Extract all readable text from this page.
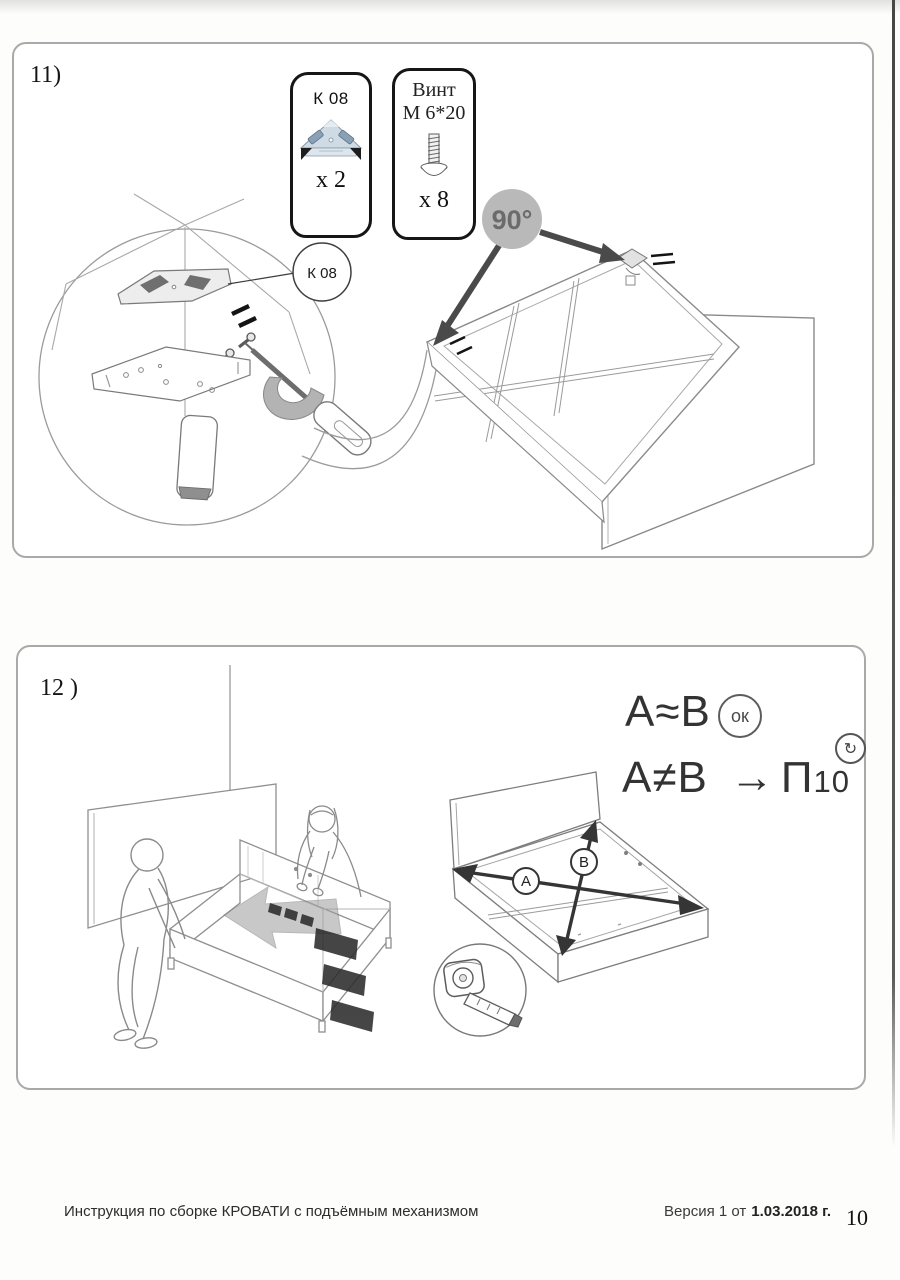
11)
К 08
90°
К 08
x 2
Винт
М 6*20
x 8
12 )
А
В
А≈В	ок
А≠В → П10
↻
Инструкция по сборке КРОВАТИ с подъёмным механизмом	Версия 1 от 1.03.2018 г. 10
